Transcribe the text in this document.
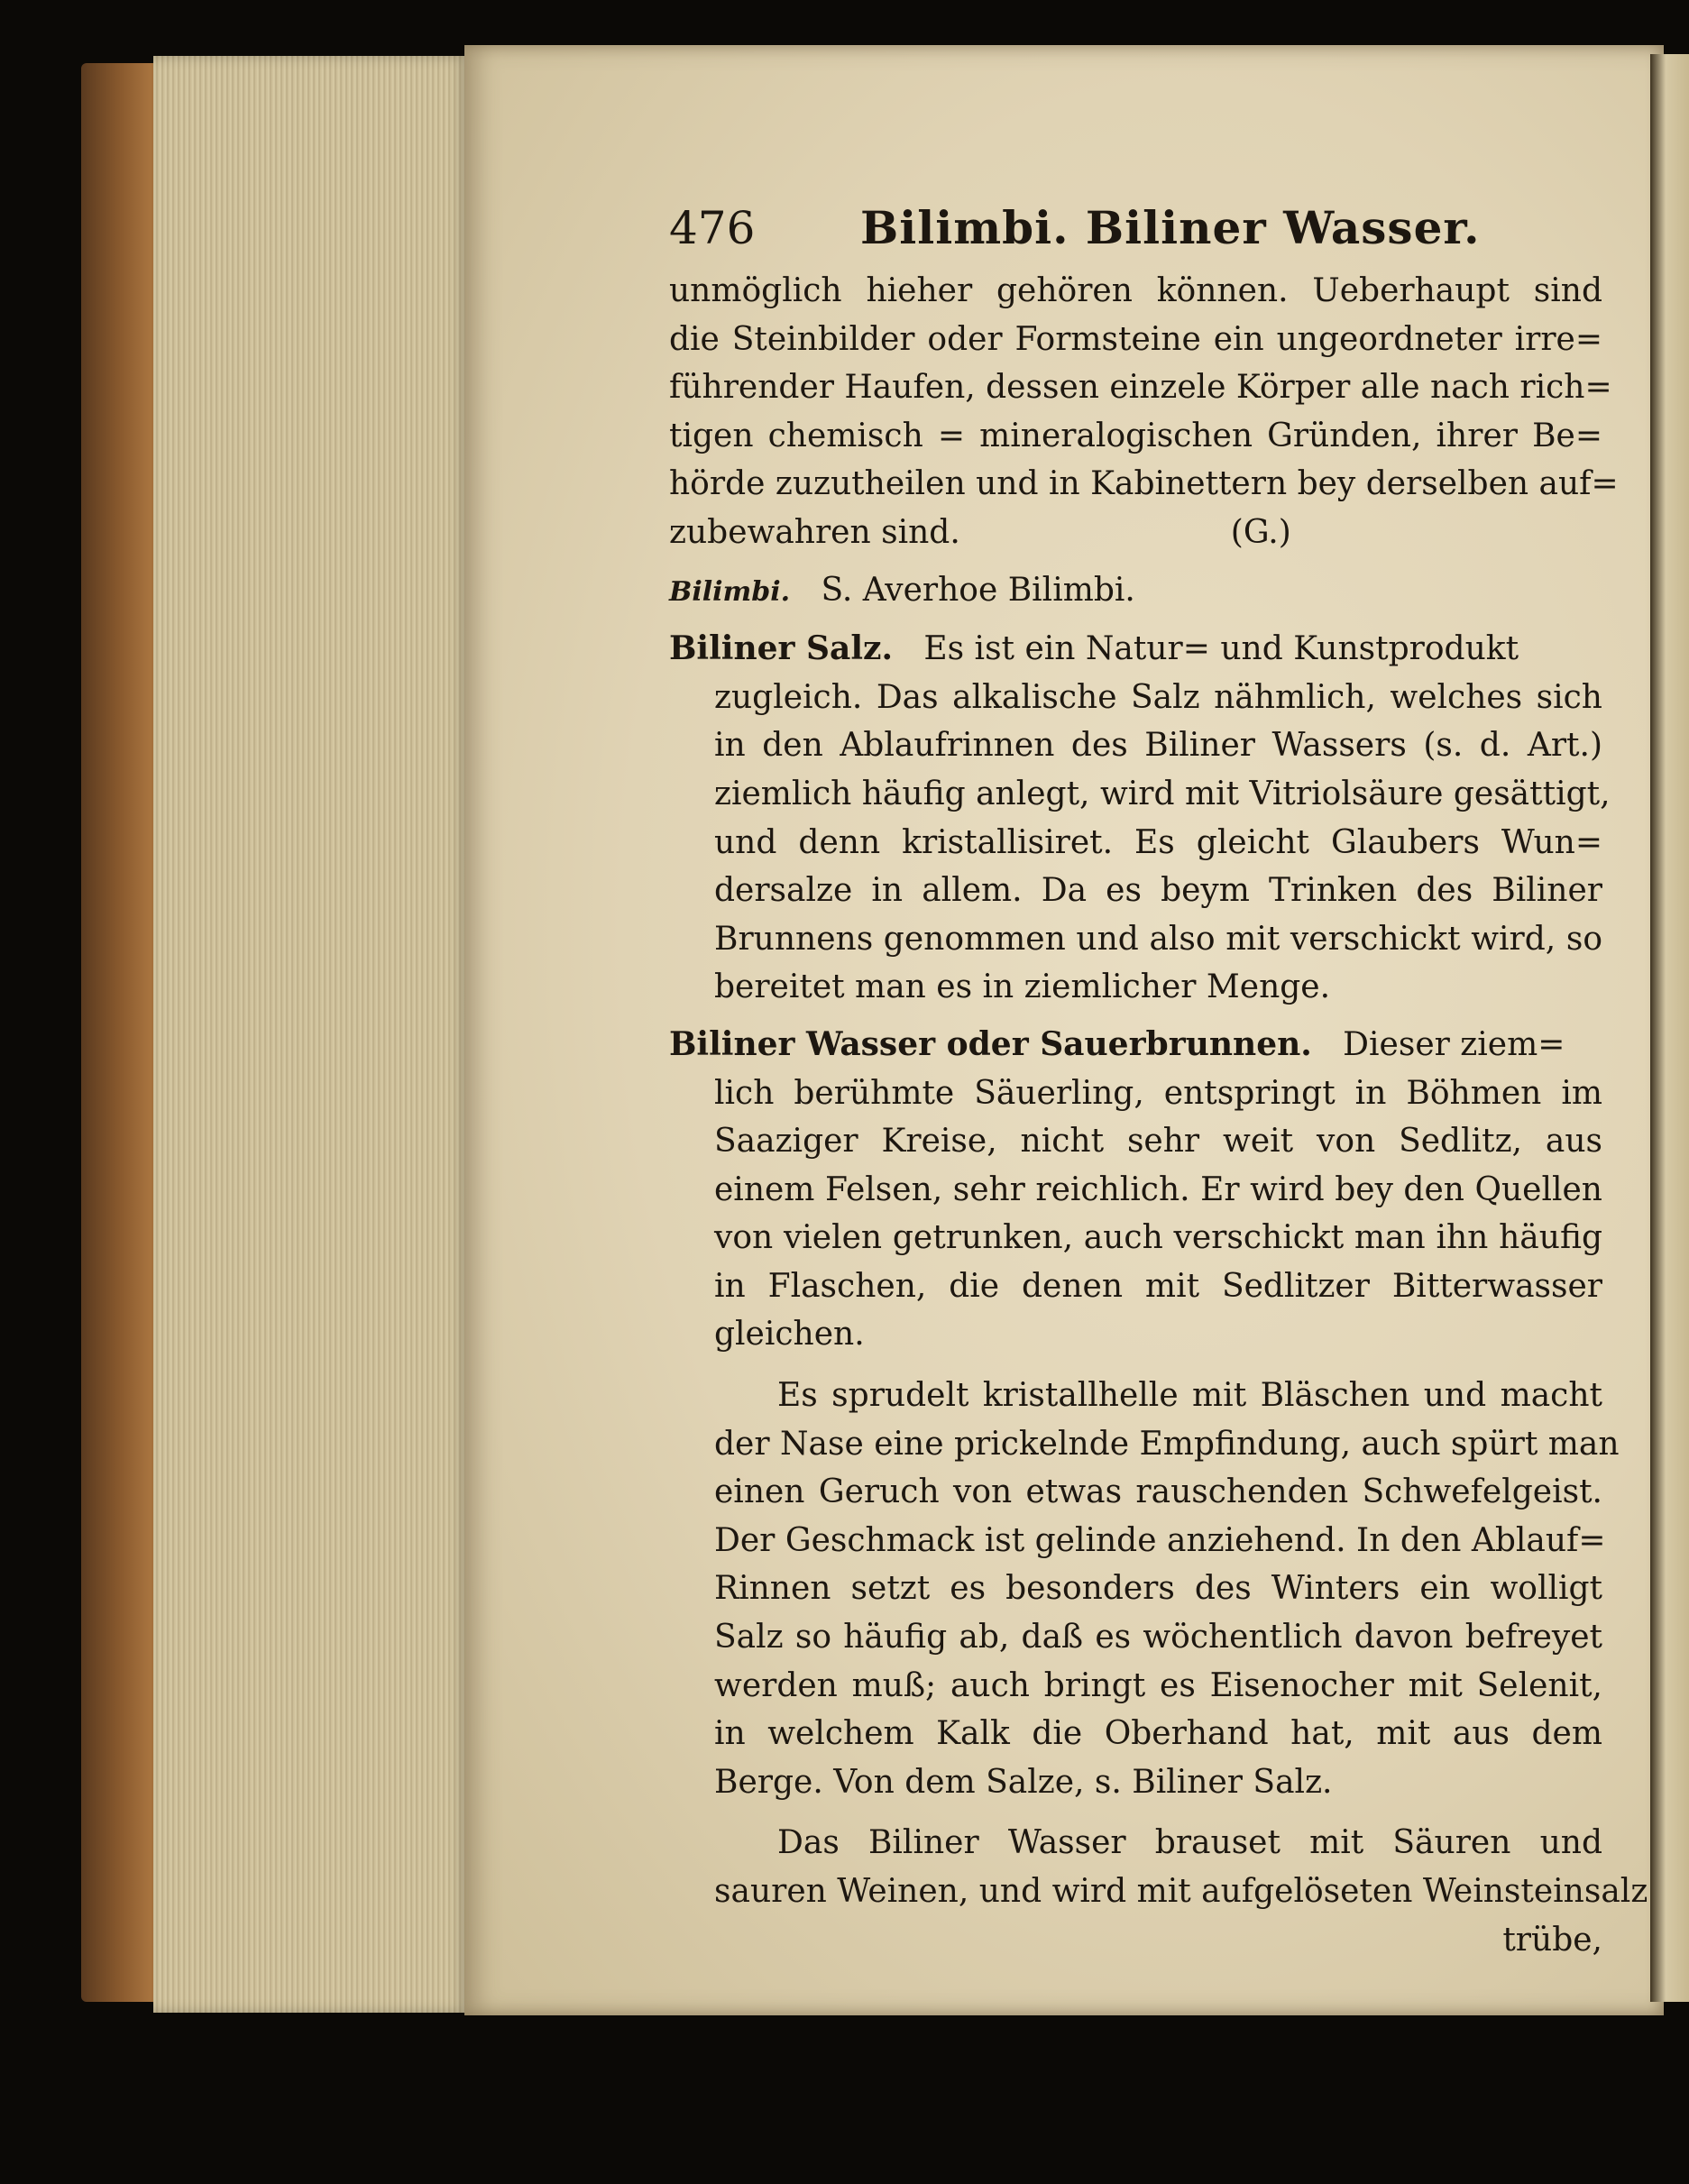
476 Bilimbi. Biliner Wasser.
unmöglich hieher gehören können. Ueberhaupt sind
die Steinbilder oder Formsteine ein ungeordneter irre=
führender Haufen, dessen einzele Körper alle nach rich=
tigen chemisch = mineralogischen Gründen, ihrer Be=
hörde zuzutheilen und in Kabinettern bey derselben auf=
zubewahren sind.	(G.)
Bilimbi. S. Averhoe Bilimbi.
Biliner Salz. Es ist ein Natur= und Kunstprodukt
zugleich. Das alkalische Salz nähmlich, welches sich
in den Ablaufrinnen des Biliner Wassers (s. d. Art.)
ziemlich häufig anlegt, wird mit Vitriolsäure gesättigt,
und denn kristallisiret. Es gleicht Glaubers Wun=
dersalze in allem. Da es beym Trinken des Biliner
Brunnens genommen und also mit verschickt wird, so
bereitet man es in ziemlicher Menge.
Biliner Wasser oder Sauerbrunnen. Dieser ziem=
lich berühmte Säuerling, entspringt in Böhmen im
Saaziger Kreise, nicht sehr weit von Sedlitz, aus
einem Felsen, sehr reichlich. Er wird bey den Quellen
von vielen getrunken, auch verschickt man ihn häufig
in Flaschen, die denen mit Sedlitzer Bitterwasser
gleichen.
Es sprudelt kristallhelle mit Bläschen und macht
der Nase eine prickelnde Empfindung, auch spürt man
einen Geruch von etwas rauschenden Schwefelgeist.
Der Geschmack ist gelinde anziehend. In den Ablauf=
Rinnen setzt es besonders des Winters ein wolligt
Salz so häufig ab, daß es wöchentlich davon befreyet
werden muß; auch bringt es Eisenocher mit Selenit,
in welchem Kalk die Oberhand hat, mit aus dem
Berge. Von dem Salze, s. Biliner Salz.
Das Biliner Wasser brauset mit Säuren und
sauren Weinen, und wird mit aufgelöseten Weinsteinsalz
trübe,
